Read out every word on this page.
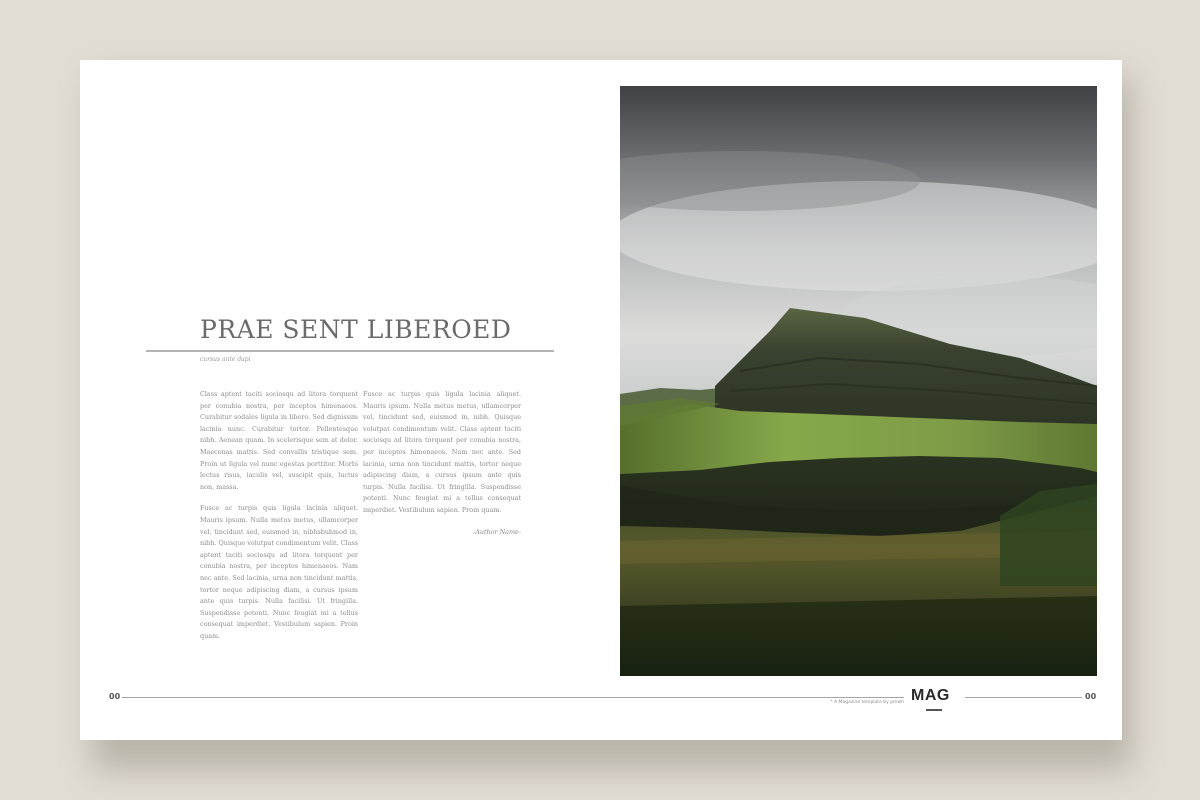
PRAE SENT LIBEROED
cursus ante dapi

Class aptent taciti sociosqu ad litora torquent per conubia nostra, per inceptos himenaeos. Curabitur sodales ligula in libero. Sed dignissim lacinia nunc. Curabitur tortor. Pellentesque nibh. Aenean quam. In scelerisque sem at dolor. Maecenas mattis. Sed convallis tristique sem. Proin ut ligula vel nunc egestas porttitor. Morbi lectus risus, iaculis vel, suscipit quis, luctus non, massa.

Fusce ac turpis quis ligula lacinia aliquet. Mauris ipsum. Nulla metus metus, ullamcorper vel, tincidunt sed, euismod in, nibhsbuhmod in, nibh. Quisque volutpat condimentum velit. Class aptent taciti sociosqu ad litora torquent per conubia nostra, per inceptos himenaeos. Nam nec ante. Sed lacinia, urna non tincidunt mattis, tortor neque adipiscing diam, a cursus ipsum ante quis turpis. Nulla facilisi. Ut fringilla. Suspendisse potenti. Nunc feugiat mi a tellus consequat imperdiet. Vestibulum sapien. Proin quam.

Fusce ac turpis quis ligula lacinia aliquet. Mauris ipsum. Nulla metus metus, ullamcorper vel, tincidunt sed, euismod in, nibh. Quisque volutpat condimentum velit. Class aptent taciti sociosqu ad litora torquent per conubia nostra, per inceptos himenaeos. Nam nec ante. Sed lacinia, urna non tincidunt mattis, tortor neque adipiscing diam, a cursus ipsum ante quis turpis. Nulla facilisi. Ut fringilla. Suspendisse potenti. Nunc feugiat mi a tellus consequat imperdiet. Vestibulum sapien. Proin quam.

-Author Name-
00
* A Magazine template by pmwh MAG	00
